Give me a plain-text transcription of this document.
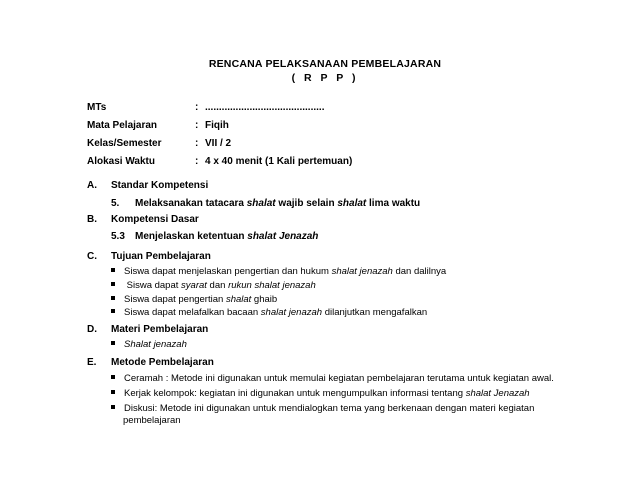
RENCANA PELAKSANAAN PEMBELAJARAN
( R P P )
MTs	: ...........................................
Mata Pelajaran	: Fiqih
Kelas/Semester	: VII / 2
Alokasi Waktu	: 4 x 40 menit (1 Kali pertemuan)
A. Standar Kompetensi
5. Melaksanakan tatacara shalat wajib selain shalat lima waktu
B. Kompetensi Dasar
5.3 Menjelaskan ketentuan shalat Jenazah
C. Tujuan Pembelajaran
Siswa dapat menjelaskan pengertian dan hukum shalat jenazah dan dalilnya
Siswa dapat syarat dan rukun shalat jenazah
Siswa dapat pengertian shalat ghaib
Siswa dapat melafalkan bacaan shalat jenazah dilanjutkan mengafalkan
D. Materi Pembelajaran
Shalat jenazah
E. Metode Pembelajaran
Ceramah : Metode ini digunakan untuk memulai kegiatan pembelajaran terutama untuk kegiatan awal.
Kerjak kelompok: kegiatan ini digunakan untuk mengumpulkan informasi tentang shalat Jenazah
Diskusi: Metode ini digunakan untuk mendialogkan tema yang berkenaan dengan materi kegiatan
pembelajaran
